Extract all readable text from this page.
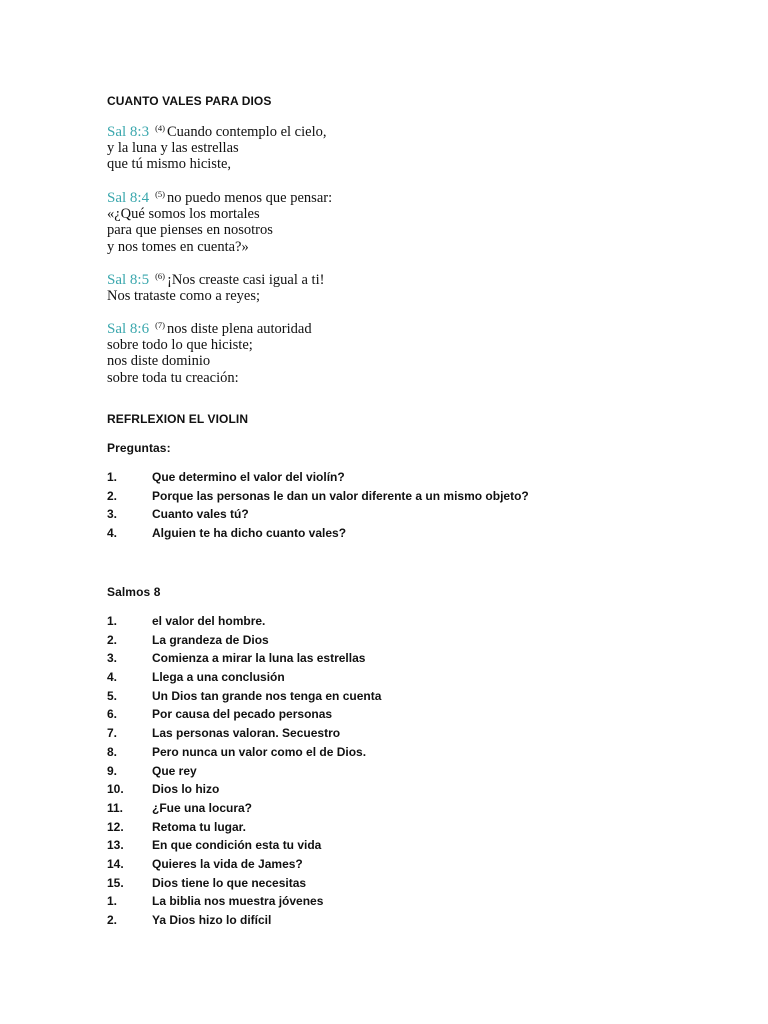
CUANTO VALES PARA DIOS
Sal 8:3 $^{(4)}$ Cuando contemplo el cielo,
y la luna y las estrellas
que tú mismo hiciste,
Sal 8:4 $^{(5)}$ no puedo menos que pensar:
«¿Qué somos los mortales
para que pienses en nosotros
y nos tomes en cuenta?»
Sal 8:5 $^{(6)}$ ¡Nos creaste casi igual a ti!
Nos trataste como a reyes;
Sal 8:6 $^{(7)}$ nos diste plena autoridad
sobre todo lo que hiciste;
nos diste dominio
sobre toda tu creación:
REFRLEXION EL VIOLIN
Preguntas:
1.	Que determino el valor del violín?
2.	Porque las personas le dan un valor diferente a un mismo objeto?
3.	Cuanto vales tú?
4.	Alguien te ha dicho cuanto vales?
Salmos 8
1.	el valor del hombre.
2.	La grandeza de Dios
3.	Comienza a mirar la luna las estrellas
4.	Llega a una conclusión
5.	Un Dios tan grande nos tenga en cuenta
6.	Por causa del pecado personas
7.	Las personas valoran. Secuestro
8.	Pero nunca un valor como el de Dios.
9.	Que rey
10. Dios lo hizo
11. ¿Fue una locura?
12. Retoma tu lugar.
13. En que condición esta tu vida
14. Quieres la vida de James?
15. Dios tiene lo que necesitas
1.	La biblia nos muestra jóvenes
2.	Ya Dios hizo lo difícil
